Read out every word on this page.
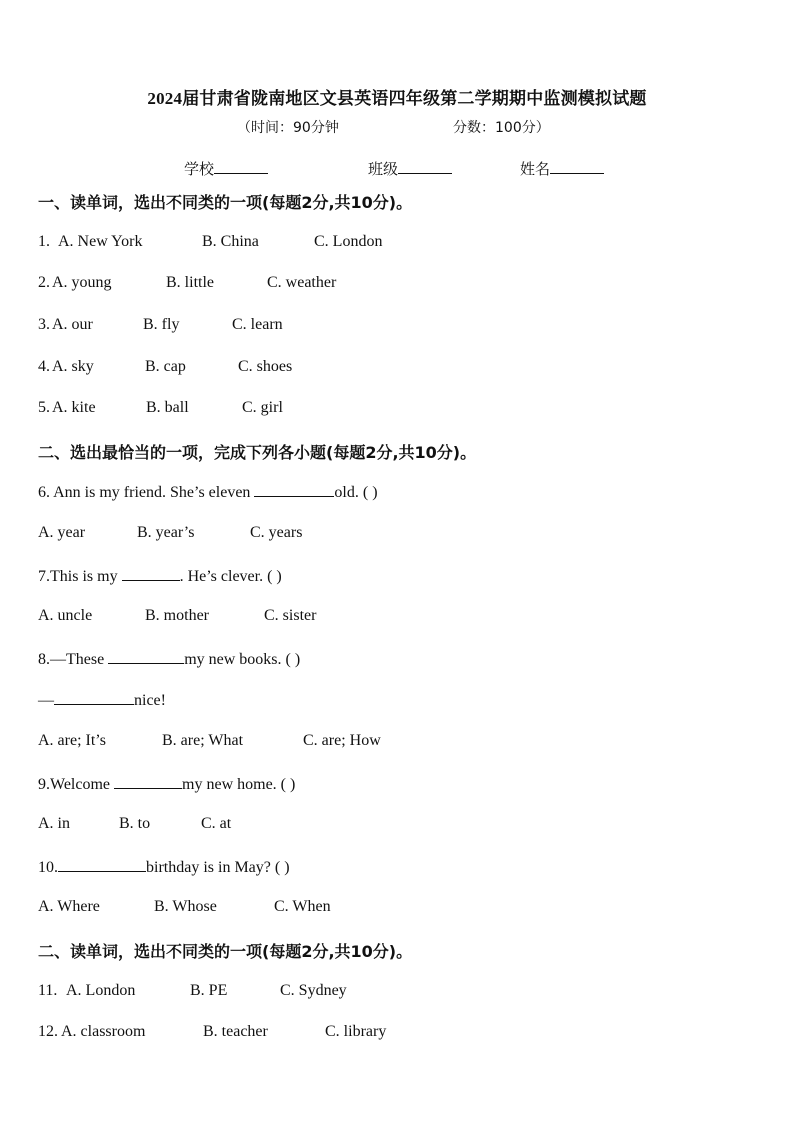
2024届甘肃省陇南地区文县英语四年级第二学期期中监测模拟试题
（时间：90分钟	分数：100分）
学校	班级	姓名
一、读单词，选出不同类的一项(每题2分,共10分)。
1. A. New York	B. China	C. London
2. A. young	B. little	C. weather
3. A. our	B. fly	C. learn
4. A. sky	B. cap	C. shoes
5. A. kite	B. ball	C. girl
二、选出最恰当的一项，完成下列各小题(每题2分,共10分)。
6. Ann is my friend. She’s eleven	old. ( )
A. year	B. year’s	C. years
7.This is my	. He’s clever. ( )
A. uncle	B. mother	C. sister
8.—These	my new books. ( )
—	nice!
A. are; It’s	B. are; What	C. are; How
9.Welcome	my new home. ( )
A. in	B. to	C. at
10.	birthday is in May? ( )
A. Where	B. Whose	C. When
二、读单词，选出不同类的一项(每题2分,共10分)。
11. A. London	B. PE	C. Sydney
12. A. classroom	B. teacher	C. library
